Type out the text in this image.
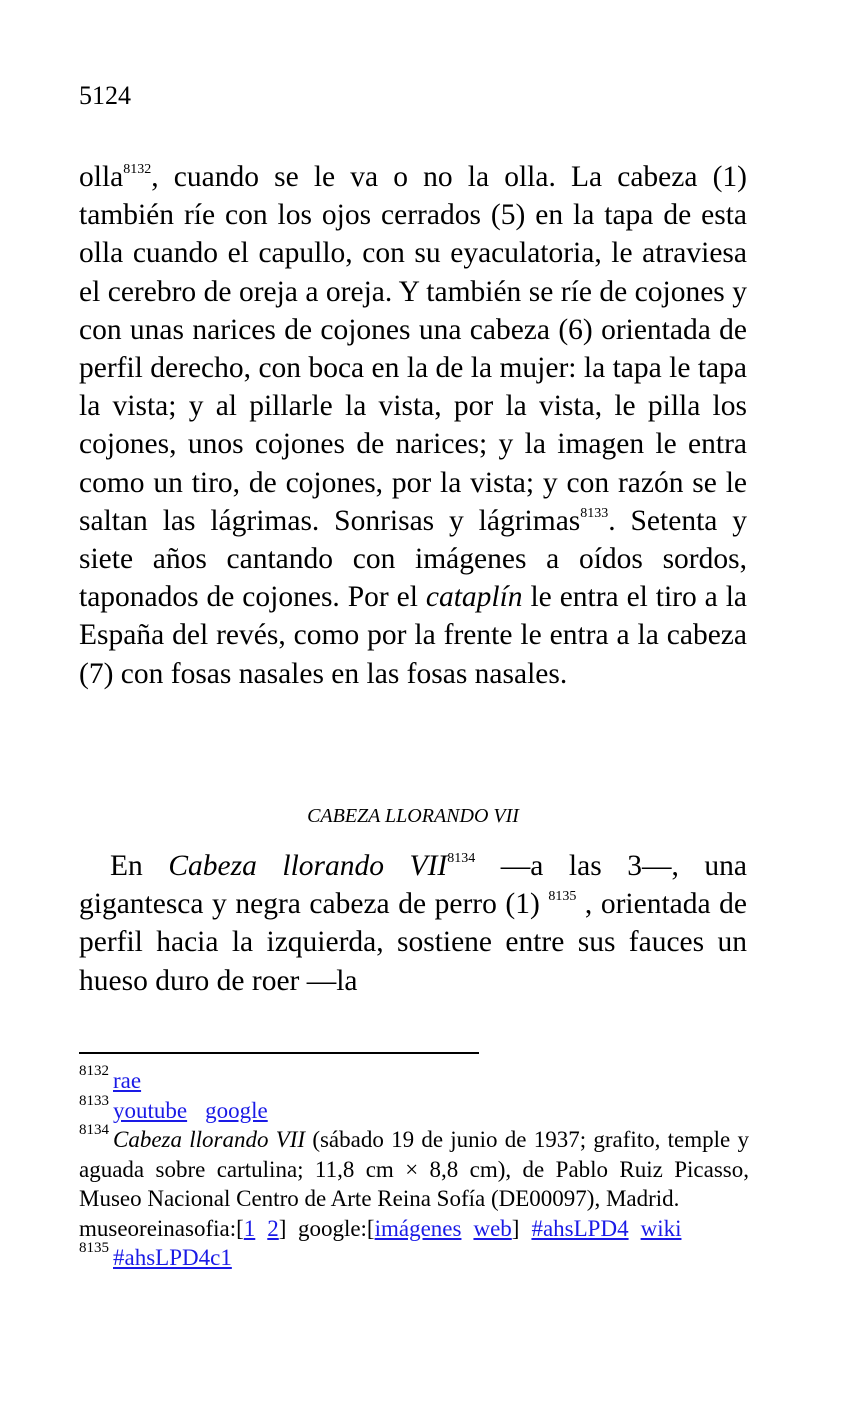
5124

olla$^{8132}$, cuando se le va o no la olla. La cabeza (1) también ríe con los ojos cerrados (5) en la tapa de esta olla cuando el capullo, con su eyaculatoria, le atraviesa el cerebro de oreja a oreja. Y también se ríe de cojones y con unas narices de cojones una cabeza (6) orientada de perfil derecho, con boca en la de la mujer: la tapa le tapa la vista; y al pillarle la vista, por la vista, le pilla los cojones, unos cojones de narices; y la imagen le entra como un tiro, de cojones, por la vista; y con razón se le saltan las lágrimas. Sonrisas y lágrimas$^{8133}$. Setenta y siete años cantando con imágenes a oídos sordos, taponados de cojones. Por el cataplín le entra el tiro a la España del revés, como por la frente le entra a la cabeza (7) con fosas nasales en las fosas nasales.

CABEZA LLORANDO VII

En Cabeza llorando $VII^{8134}$ —a las 3—, una gigantesca y negra cabeza de perro (1) $^{8135}$ , orientada de perfil hacia la izquierda, sostiene entre sus fauces un hueso duro de roer —la

$^{8132}$ rae

$^{8133}$ youtube google

$^{8134}$ Cabeza llorando VII (sábado 19 de junio de 1937; grafito, temple y aguada sobre cartulina; 11,8 cm × 8,8 cm), de Pablo Ruiz Picasso, Museo Nacional Centro de Arte Reina Sofía (DE00097), Madrid.

museoreinasofia:[1 2]  google:[imágenes web] #ahsLPD4 wiki

$^{8135}$ #ahsLPD4c1
